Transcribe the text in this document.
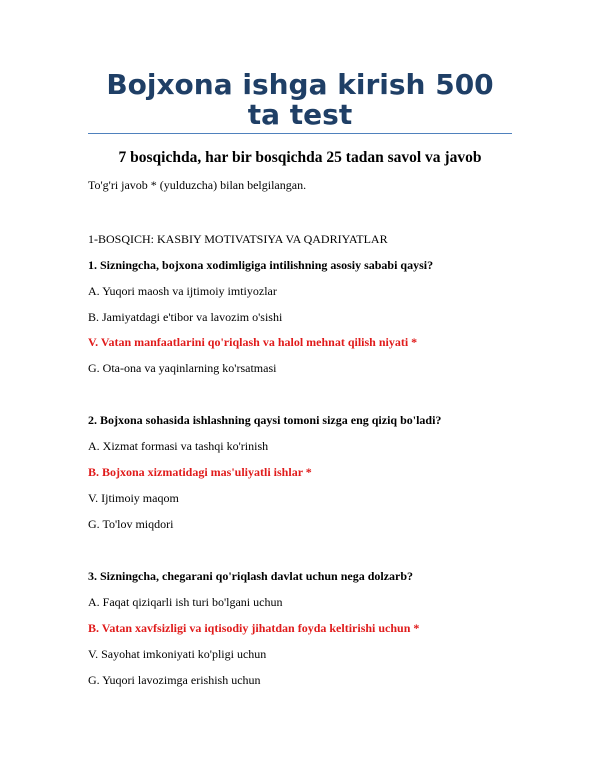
Bojxona ishga kirish 500 ta test
7 bosqichda, har bir bosqichda 25 tadan savol va javob

To'g'ri javob * (yulduzcha) bilan belgilangan.

1-BOSQICH: KASBIY MOTIVATSIYA VA QADRIYATLAR

1. Sizningcha, bojxona xodimligiga intilishning asosiy sababi qaysi?

A. Yuqori maosh va ijtimoiy imtiyozlar

B. Jamiyatdagi e'tibor va lavozim o'sishi

V. Vatan manfaatlarini qo'riqlash va halol mehnat qilish niyati *

G. Ota-ona va yaqinlarning ko'rsatmasi

2. Bojxona sohasida ishlashning qaysi tomoni sizga eng qiziq bo'ladi?

A. Xizmat formasi va tashqi ko'rinish

B. Bojxona xizmatidagi mas'uliyatli ishlar *

V. Ijtimoiy maqom

G. To'lov miqdori

3. Sizningcha, chegarani qo'riqlash davlat uchun nega dolzarb?

A. Faqat qiziqarli ish turi bo'lgani uchun

B. Vatan xavfsizligi va iqtisodiy jihatdan foyda keltirishi uchun *

V. Sayohat imkoniyati ko'pligi uchun

G. Yuqori lavozimga erishish uchun
